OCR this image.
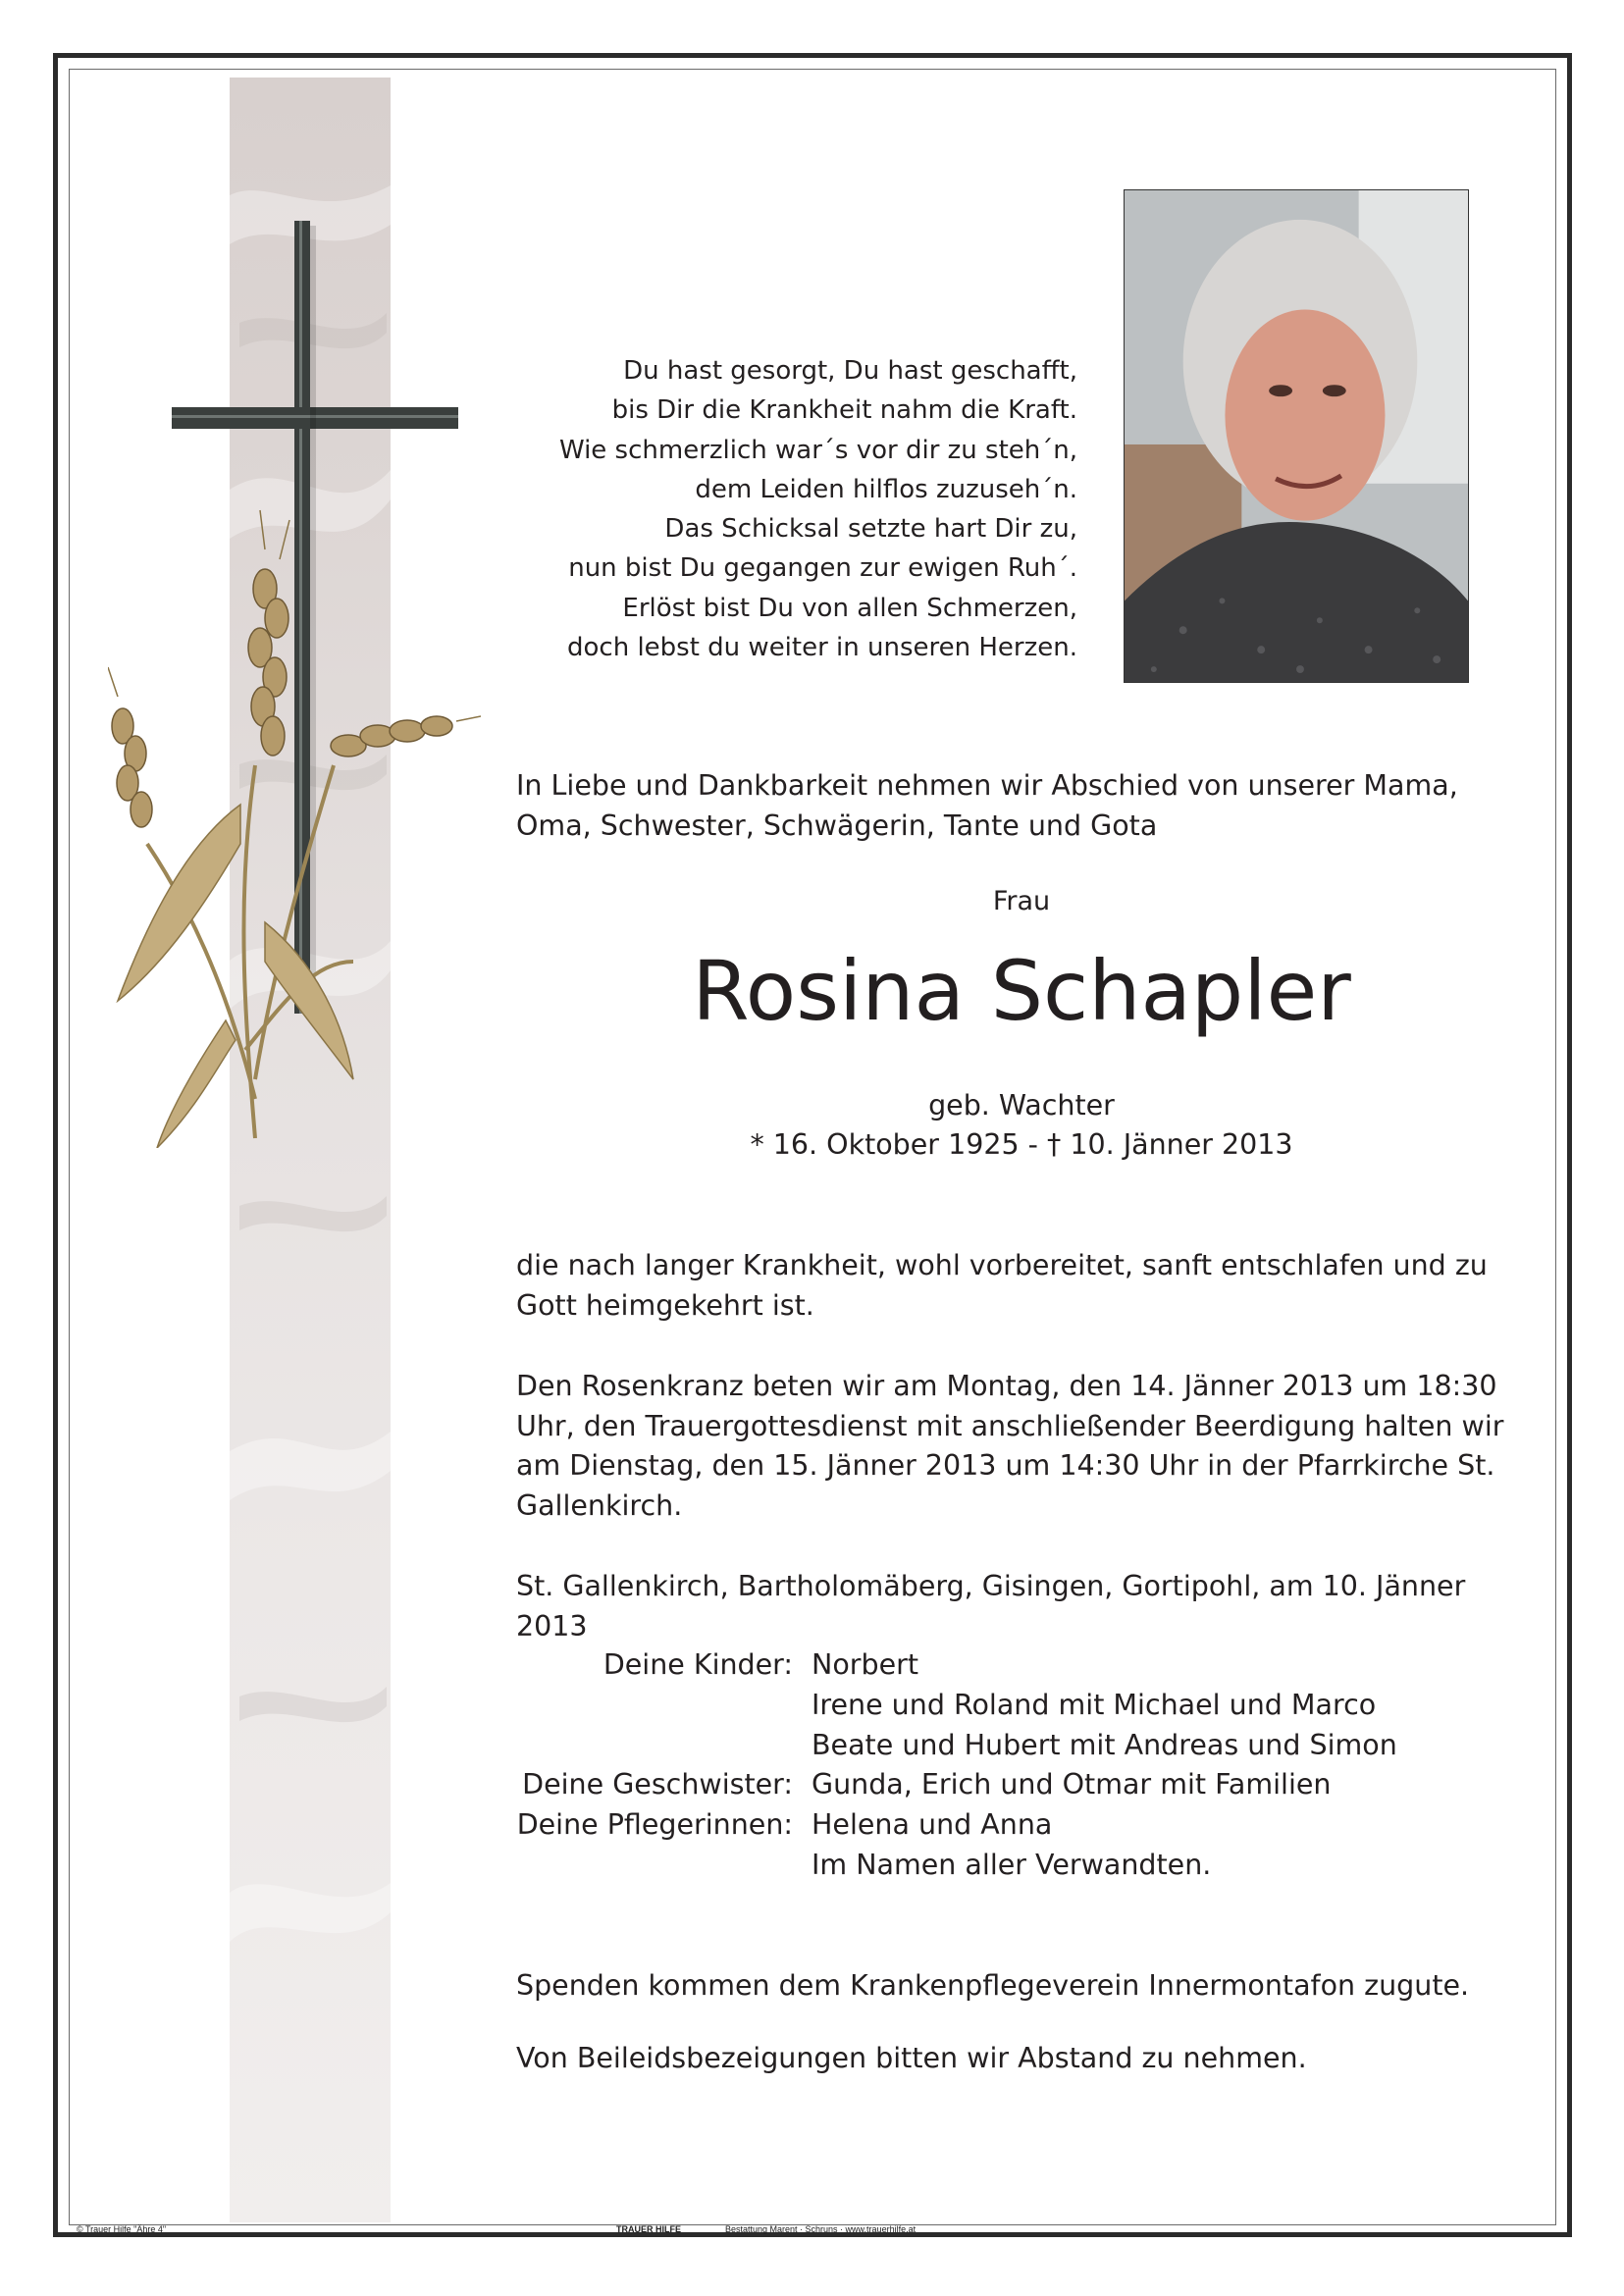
Du hast gesorgt, Du hast geschafft,
bis Dir die Krankheit nahm die Kraft.
Wie schmerzlich war´s vor dir zu steh´n,
dem Leiden hilflos zuzuseh´n.
Das Schicksal setzte hart Dir zu,
nun bist Du gegangen zur ewigen Ruh´.
Erlöst bist Du von allen Schmerzen,
doch lebst du weiter in unseren Herzen.
In Liebe und Dankbarkeit nehmen wir Abschied von unserer Mama, Oma, Schwester, Schwägerin, Tante und Gota
Frau
Rosina Schapler
geb. Wachter
* 16. Oktober 1925 - † 10. Jänner 2013
die nach langer Krankheit, wohl vorbereitet, sanft entschlafen und zu Gott heimgekehrt ist.
Den Rosenkranz beten wir am Montag, den 14. Jänner 2013 um 18:30 Uhr, den Trauergottesdienst mit anschließender Beerdigung halten wir am Dienstag, den 15. Jänner 2013 um 14:30 Uhr in der Pfarrkirche St. Gallenkirch.
St. Gallenkirch, Bartholomäberg, Gisingen, Gortipohl, am 10. Jänner 2013
Deine Kinder:

Deine Geschwister:
Deine Pflegerinnen:
Norbert
Irene und Roland mit Michael und Marco
Beate und Hubert mit Andreas und Simon
Gunda, Erich und Otmar mit Familien
Helena und Anna
Im Namen aller Verwandten.
Spenden kommen dem Krankenpflegeverein Innermontafon zugute.
Von Beileidsbezeigungen bitten wir Abstand zu nehmen.
© Trauer Hilfe "Ähre 4"	TRAUER HILFE	Bestattung Marent · Schruns · www.trauerhilfe.at
